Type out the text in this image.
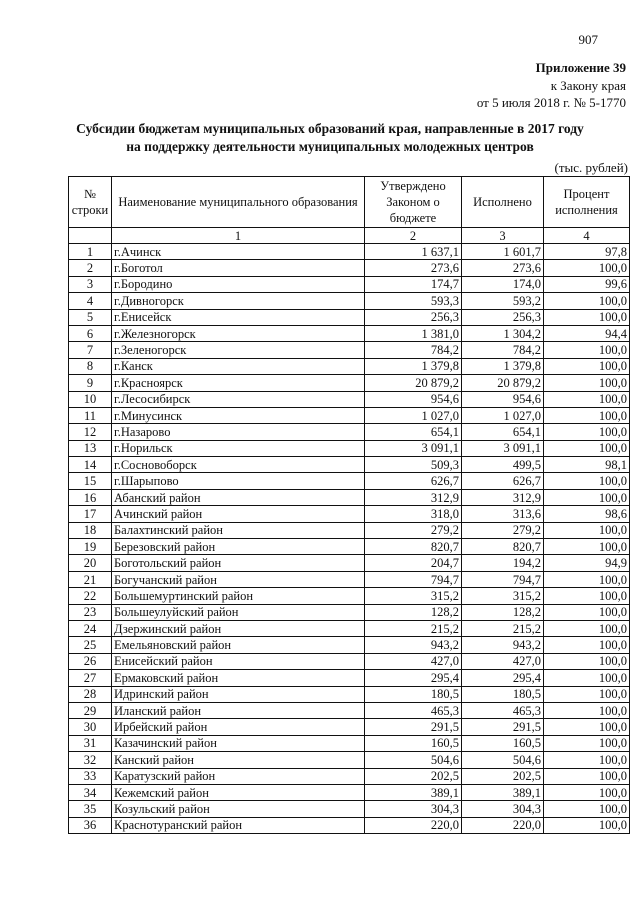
907
Приложение 39
к Закону края
от 5 июля 2018 г. № 5-1770
Субсидии бюджетам муниципальных образований края, направленные в 2017 году
на поддержку деятельности муниципальных молодежных центров
(тыс. рублей)
№ строки	Наименование муниципального образования	Утверждено Законом о бюджете	Исполнено	Процент исполнения
	1	2	3	4
1	г.Ачинск	1 637,1	1 601,7	97,8
2	г.Боготол	273,6	273,6	100,0
3	г.Бородино	174,7	174,0	99,6
4	г.Дивногорск	593,3	593,2	100,0
5	г.Енисейск	256,3	256,3	100,0
6	г.Железногорск	1 381,0	1 304,2	94,4
7	г.Зеленогорск	784,2	784,2	100,0
8	г.Канск	1 379,8	1 379,8	100,0
9	г.Красноярск	20 879,2	20 879,2	100,0
10	г.Лесосибирск	954,6	954,6	100,0
11	г.Минусинск	1 027,0	1 027,0	100,0
12	г.Назарово	654,1	654,1	100,0
13	г.Норильск	3 091,1	3 091,1	100,0
14	г.Сосновоборск	509,3	499,5	98,1
15	г.Шарыпово	626,7	626,7	100,0
16	Абанский район	312,9	312,9	100,0
17	Ачинский район	318,0	313,6	98,6
18	Балахтинский район	279,2	279,2	100,0
19	Березовский район	820,7	820,7	100,0
20	Боготольский район	204,7	194,2	94,9
21	Богучанский район	794,7	794,7	100,0
22	Большемуртинский район	315,2	315,2	100,0
23	Большеулуйский район	128,2	128,2	100,0
24	Дзержинский район	215,2	215,2	100,0
25	Емельяновский район	943,2	943,2	100,0
26	Енисейский район	427,0	427,0	100,0
27	Ермаковский район	295,4	295,4	100,0
28	Идринский район	180,5	180,5	100,0
29	Иланский район	465,3	465,3	100,0
30	Ирбейский район	291,5	291,5	100,0
31	Казачинский район	160,5	160,5	100,0
32	Канский район	504,6	504,6	100,0
33	Каратузский район	202,5	202,5	100,0
34	Кежемский район	389,1	389,1	100,0
35	Козульский район	304,3	304,3	100,0
36	Краснотуранский район	220,0	220,0	100,0
